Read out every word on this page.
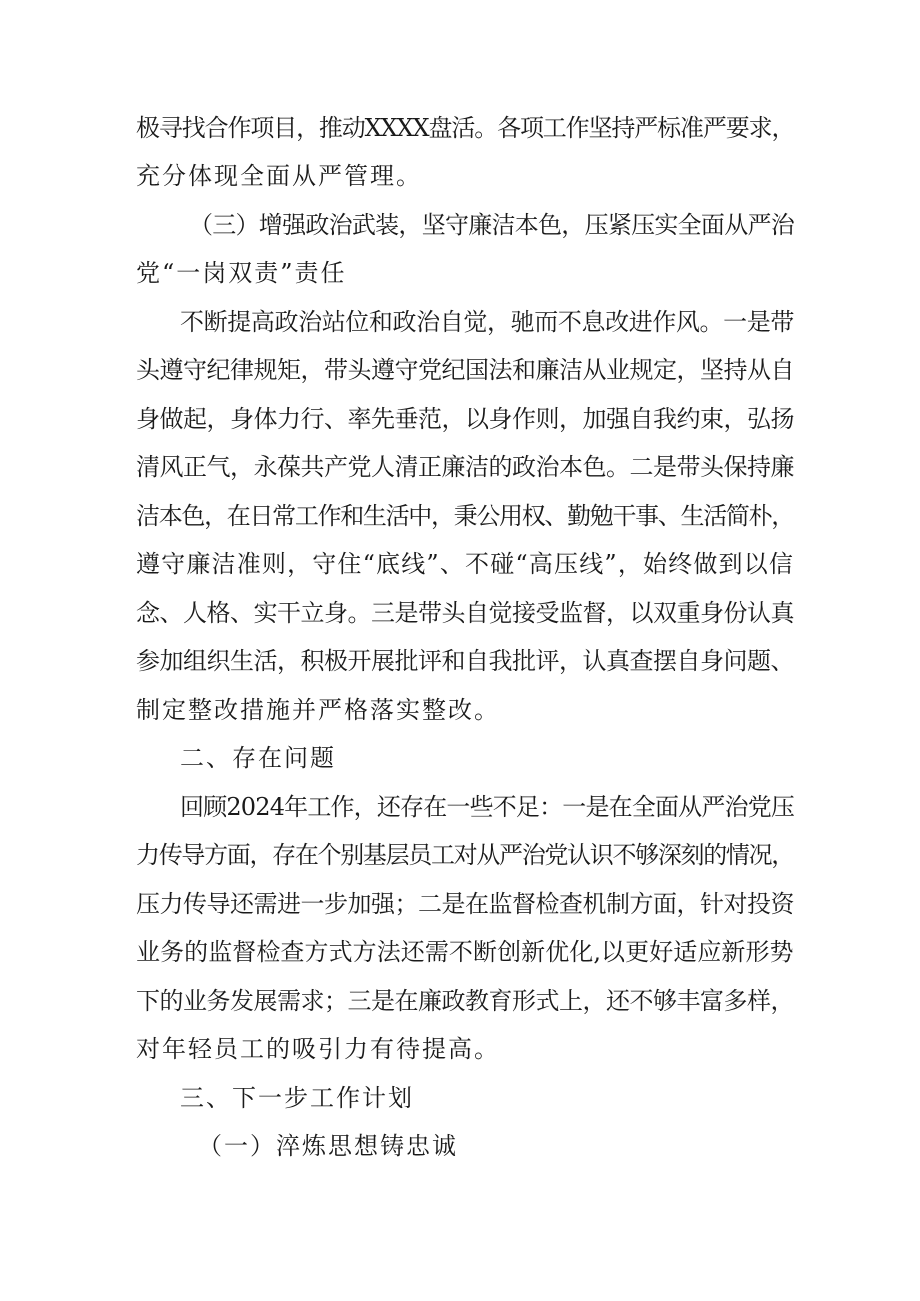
极寻找合作项目，推动XXXX盘活。各项工作坚持严标准严要求，
充分体现全面从严管理。
（三）增强政治武装，坚守廉洁本色，压紧压实全面从严治
党“一岗双责”责任
不断提高政治站位和政治自觉，驰而不息改进作风。一是带
头遵守纪律规矩，带头遵守党纪国法和廉洁从业规定，坚持从自
身做起，身体力行、率先垂范，以身作则，加强自我约束，弘扬
清风正气，永葆共产党人清正廉洁的政治本色。二是带头保持廉
洁本色，在日常工作和生活中，秉公用权、勤勉干事、生活简朴，
遵守廉洁准则，守住“底线”、不碰“高压线”，始终做到以信
念、人格、实干立身。三是带头自觉接受监督，以双重身份认真
参加组织生活，积极开展批评和自我批评，认真查摆自身问题、
制定整改措施并严格落实整改。
二、存在问题
回顾2024年工作，还存在一些不足：一是在全面从严治党压
力传导方面，存在个别基层员工对从严治党认识不够深刻的情况，
压力传导还需进一步加强；二是在监督检查机制方面，针对投资
业务的监督检查方式方法还需不断创新优化,以更好适应新形势
下的业务发展需求；三是在廉政教育形式上，还不够丰富多样，
对年轻员工的吸引力有待提高。
三、下一步工作计划
（一）淬炼思想铸忠诚
